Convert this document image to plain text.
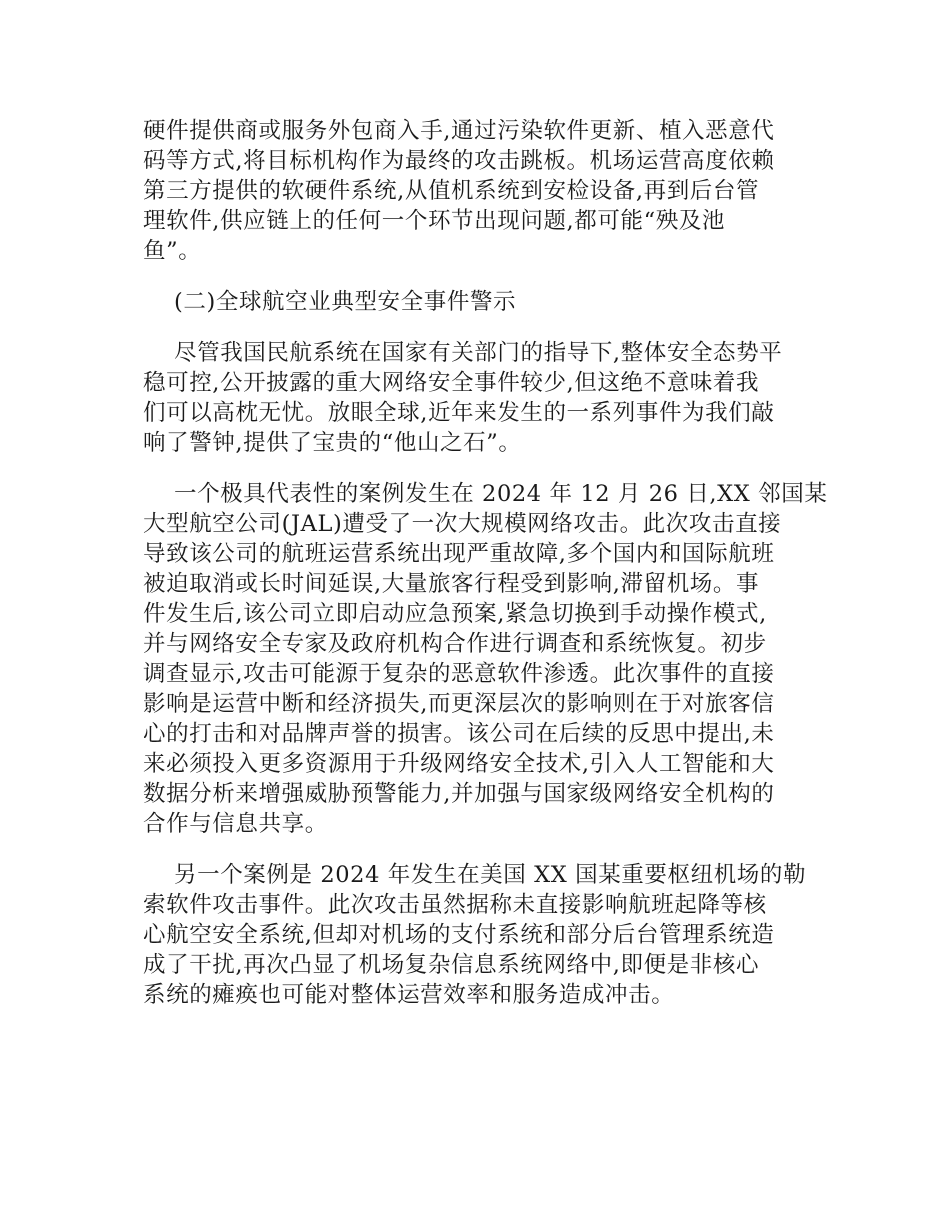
硬件提供商或服务外包商入手,通过污染软件更新、植入恶意代

码等方式,将目标机构作为最终的攻击跳板。机场运营高度依赖

第三方提供的软硬件系统,从值机系统到安检设备,再到后台管

理软件,供应链上的任何一个环节出现问题,都可能“殃及池

鱼”。

(二)全球航空业典型安全事件警示

尽管我国民航系统在国家有关部门的指导下,整体安全态势平

稳可控,公开披露的重大网络安全事件较少,但这绝不意味着我

们可以高枕无忧。放眼全球,近年来发生的一系列事件为我们敲

响了警钟,提供了宝贵的“他山之石”。

一个极具代表性的案例发生在 2024 年 12 月 26 日,XX 邻国某

大型航空公司(JAL)遭受了一次大规模网络攻击。此次攻击直接

导致该公司的航班运营系统出现严重故障,多个国内和国际航班

被迫取消或长时间延误,大量旅客行程受到影响,滞留机场。事

件发生后,该公司立即启动应急预案,紧急切换到手动操作模式,

并与网络安全专家及政府机构合作进行调查和系统恢复。初步

调查显示,攻击可能源于复杂的恶意软件渗透。此次事件的直接

影响是运营中断和经济损失,而更深层次的影响则在于对旅客信

心的打击和对品牌声誉的损害。该公司在后续的反思中提出,未

来必须投入更多资源用于升级网络安全技术,引入人工智能和大

数据分析来增强威胁预警能力,并加强与国家级网络安全机构的

合作与信息共享。

另一个案例是 2024 年发生在美国 XX 国某重要枢纽机场的勒

索软件攻击事件。此次攻击虽然据称未直接影响航班起降等核

心航空安全系统,但却对机场的支付系统和部分后台管理系统造

成了干扰,再次凸显了机场复杂信息系统网络中,即便是非核心

系统的瘫痪也可能对整体运营效率和服务造成冲击。
